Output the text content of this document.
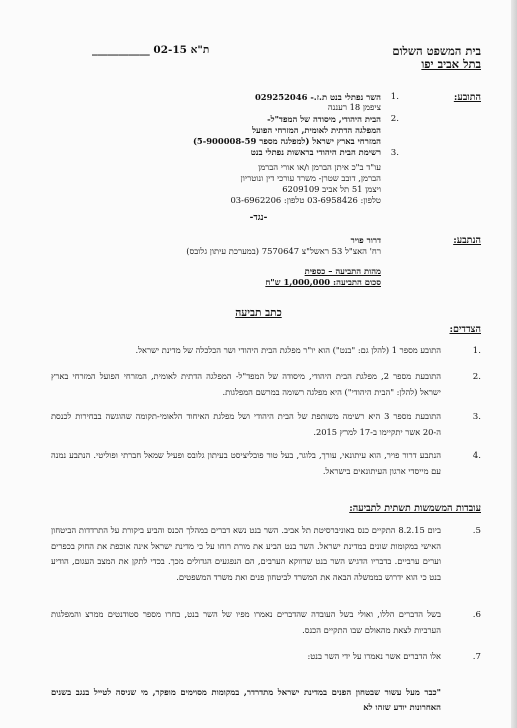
בית המשפט השלום
בתל אביב יפו
ת"א 02-15 ___________
התובע:
1.
השר נפתלי בנט ת.ז.- 029252046
ציפמן 18 רעננה
2.
הבית היהודי, מיסודה של המפד"ל-
המפלגה הדתית לאומית, המזרחי הפועל
המזרחי בארץ ישראל (למפלגה מספר 5-900008-59)
3.
רשימת הבית היהודי בראשות נפתלי בנט
עו"ד ב"כ איתן הברמן ו/או אורי הברמן
הברמן, דובב שטרן- משרד עורכי דין ונוטריון
ויצמן 51 תל אביב 6209109
טלפון: 03-6958426 טלפון: 03-6962206
-נגד-
הנתבע:
דרור פויר
רח' האצ"ל 53 ראשל"צ 7570647 (במערכת עיתון גלובס)
מהות התביעה – כספית
סכום התביעה: 1,000,000 ש"ח
כתב תביעה
הצדדים:
1.
התובע מספר 1 (להלן גם: "בנט") הוא יו"ר מפלגת הבית היהודי ושר הכלכלה של מדינת ישראל.
2.
התובעת מספר 2, מפלגת הבית היהודי, מיסודה של המפד"ל- המפלגה הדתית לאומית, המזרחי הפועל המזרחי בארץ ישראל (להלן: "הבית היהודי") היא מפלגה רשומה במרשם המפלגות.
3.
התובעת מספר 3 היא רשימה משותפת של הבית היהודי ושל מפלגת האיחוד הלאומי-תקומה שהוגשה בבחירות לכנסת ה-20 אשר יתקיימו ב-17 למרץ 2015.
4.
הנתבע דרור פויר, הוא עיתונאי, עורך, בלוגר, בעל טור פובליציסט בעיתון גלובס ופעיל שמאל חברתי ופוליטי. הנתבע נמנה עם מייסדי ארגון העיתונאים בישראל.
עובדות המשמשות תשתית לתביעה:
.5
ביום 8.2.15 התקיים כנס באוניברסיטת תל אביב. השר בנט נשא דברים במהלך הכנס והביע ביקורת על התרדדות הביטחון האישי במקומות שונים במדינת ישראל. השר בנט הביע את מורת רוחו על כי מדינת ישראל אינה אוכפת את החוק בכפרים וערים ערביים. בדבריו הדגיש השר בנט שדווקא הערבים, הם הנפגעים הגדולים מכך. בכדי לתקן את המצב העגום, הודיע בנט כי הוא ידרוש בממשלה הבאה את המשרד לביטחון פנים ואת משרד המשפטים.
.6
בשל הדברים הללו, ואולי בשל העובדה שהדברים נאמרו מפיו של השר בנט, בחרו מספר סטודנטים ממרצ והמפלגות הערביות לצאת מהאולם שבו התקיים הכנס.
.7
אלו הדברים אשר נאמרו על ידי השר בנט:
"כבר מעל עשור שבטחון הפנים במדינת ישראל מתדרדר, במקומות מסוימים מופקר, מי שניסה לטייל בנגב בשנים האחרונות יודע שזהו לא
